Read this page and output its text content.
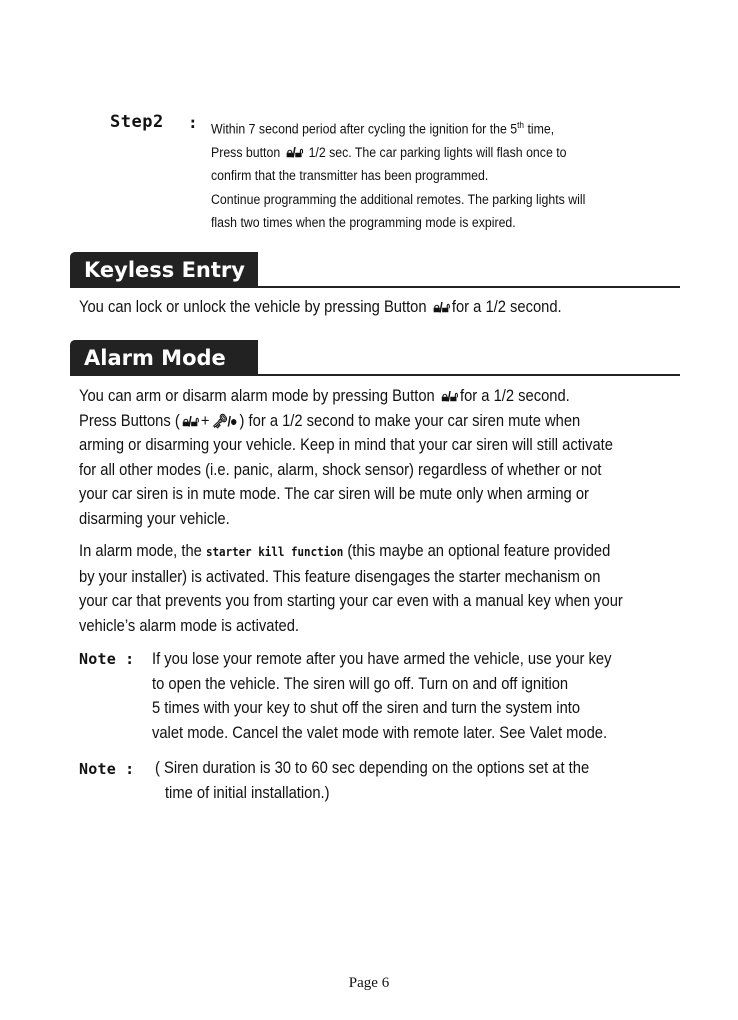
Step2 : Within 7 second period after cycling the ignition for the 5th time,
Press button 🔒︎/🔓︎ 1/2 sec. The car parking lights will flash once to
confirm that the transmitter has been programmed.
Continue programming the additional remotes. The parking lights will
flash two times when the programming mode is expired.
Keyless Entry
You can lock or unlock the vehicle by pressing Button 🔒︎/🔓︎ for a 1/2 second.
Alarm Mode
You can arm or disarm alarm mode by pressing Button 🔒︎/🔓︎ for a 1/2 second.
Press Buttons ( 🔒︎/🔓︎ + 🗝︎/● ) for a 1/2 second to make your car siren mute when
arming or disarming your vehicle. Keep in mind that your car siren will still activate
for all other modes (i.e. panic, alarm, shock sensor) regardless of whether or not
your car siren is in mute mode. The car siren will be mute only when arming or
disarming your vehicle.
In alarm mode, the starter kill function (this maybe an optional feature provided
by your installer) is activated. This feature disengages the starter mechanism on
your car that prevents you from starting your car even with a manual key when your
vehicle’s alarm mode is activated.
Note : If you lose your remote after you have armed the vehicle, use your key
to open the vehicle. The siren will go off. Turn on and off ignition
5 times with your key to shut off the siren and turn the system into
valet mode. Cancel the valet mode with remote later. See Valet mode.
Note : ( Siren duration is 30 to 60 sec depending on the options set at the
time of initial installation.)
Page 6
